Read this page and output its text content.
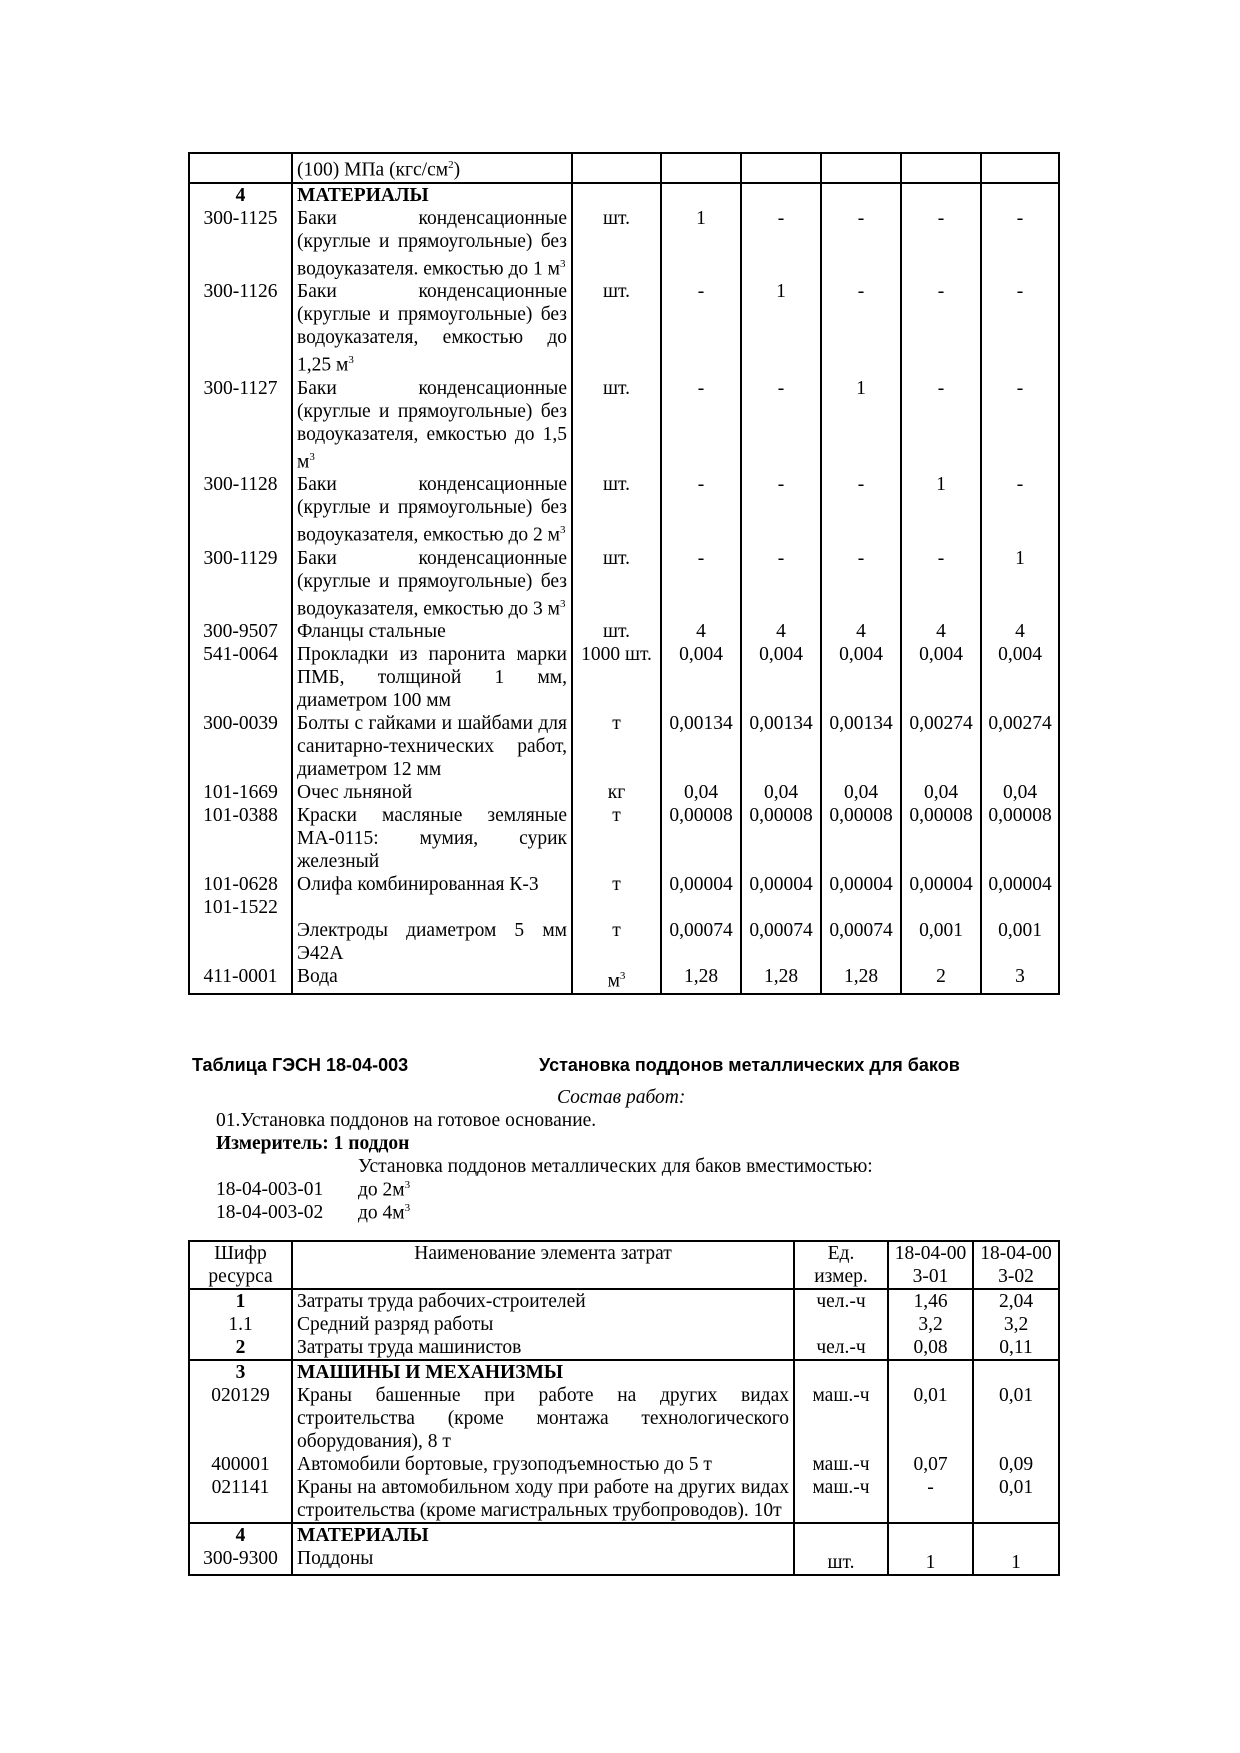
	(100) МПа $(кгс/см^2)$						
4	МАТЕРИАЛЫ						
300-1125	Баки конденсационные (круглые и прямоугольные) без водоуказателя. емкостью до 1 $м^3$	шт.	1	-	-	-	-
300-1126	Баки конденсационные (круглые и прямоугольные) без водоуказателя, емкостью до 1,25 $м^3$	шт.	-	1	-	-	-
300-1127	Баки конденсационные (круглые и прямоугольные) без водоуказателя, емкостью до 1,5 $м^3$	шт.	-	-	1	-	-
300-1128	Баки конденсационные (круглые и прямоугольные) без водоуказателя, емкостью до 2 $м^3$	шт.	-	-	-	1	-
300-1129	Баки конденсационные (круглые и прямоугольные) без водоуказателя, емкостью до 3 $м^3$	шт.	-	-	-	-	1
300-9507	Фланцы стальные	шт.	4	4	4	4	4
541-0064	Прокладки из паронита марки ПМБ, толщиной 1 мм, диаметром 100 мм	1000 шт.	0,004	0,004	0,004	0,004	0,004
300-0039	Болты с гайками и шайбами для санитарно-технических работ, диаметром 12 мм	т	0,00134	0,00134	0,00134	0,00274	0,00274
101-1669	Очес льняной	кг	0,04	0,04	0,04	0,04	0,04
101-0388	Краски масляные земляные МА-0115: мумия, сурик железный	т	0,00008	0,00008	0,00008	0,00008	0,00008
101-0628	Олифа комбинированная К-3	т	0,00004	0,00004	0,00004	0,00004	0,00004
101-1522	Электроды диаметром 5 мм Э42А	т	0,00074	0,00074	0,00074	0,001	0,001
411-0001	Вода	$м^3$	1,28	1,28	1,28	2	3
Таблица ГЭСН 18-04-003	Установка поддонов металлических для баков
Состав работ:
01.Установка поддонов на готовое основание.
Измеритель: 1 поддон
Установка поддонов металлических для баков вместимостью:
18-04-003-01 до $2м^3$
18-04-003-02 до $4м^3$
Шифр ресурса	Наименование элемента затрат	Ед. измер.	18-04-003-01	18-04-003-02
1	Затраты труда рабочих-строителей	чел.-ч	1,46	2,04
1.1	Средний разряд работы		3,2	3,2
2	Затраты труда машинистов	чел.-ч	0,08	0,11
3	МАШИНЫ И МЕХАНИЗМЫ			
020129	Краны башенные при работе на других видах строительства (кроме монтажа технологического оборудования), 8 т	маш.-ч	0,01	0,01
400001	Автомобили бортовые, грузоподъемностью до 5 т	маш.-ч	0,07	0,09
021141	Краны на автомобильном ходу при работе на других видах строительства (кроме магистральных трубопроводов). 10т	маш.-ч	-	0,01
4	МАТЕРИАЛЫ			
300-9300	Поддоны	шт.	1	1
